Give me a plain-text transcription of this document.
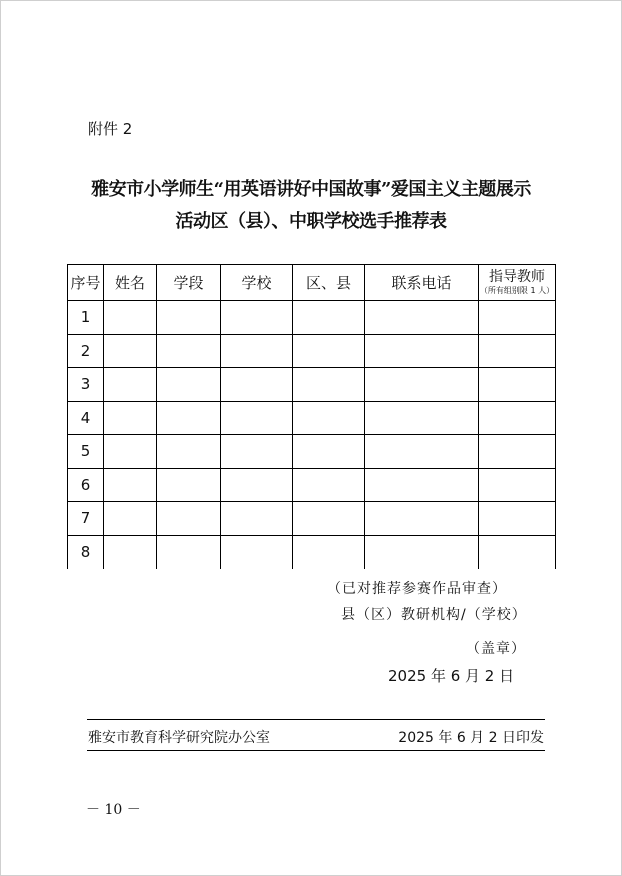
附件 2
雅安市小学师生“用英语讲好中国故事”爱国主义主题展示
活动区（县）、中职学校选手推荐表
序号	姓名	学段	学校	区、县	联系电话	指导教师
（所有组别限 1 人）

1						
2						
3						
4						
5						
6						
7						
8						
（已对推荐参赛作品审查）
县（区）教研机构/（学校）
（盖章）
2025 年 6 月 2 日
雅安市教育科学研究院办公室	2025 年 6 月 2 日印发
－ 10 －
